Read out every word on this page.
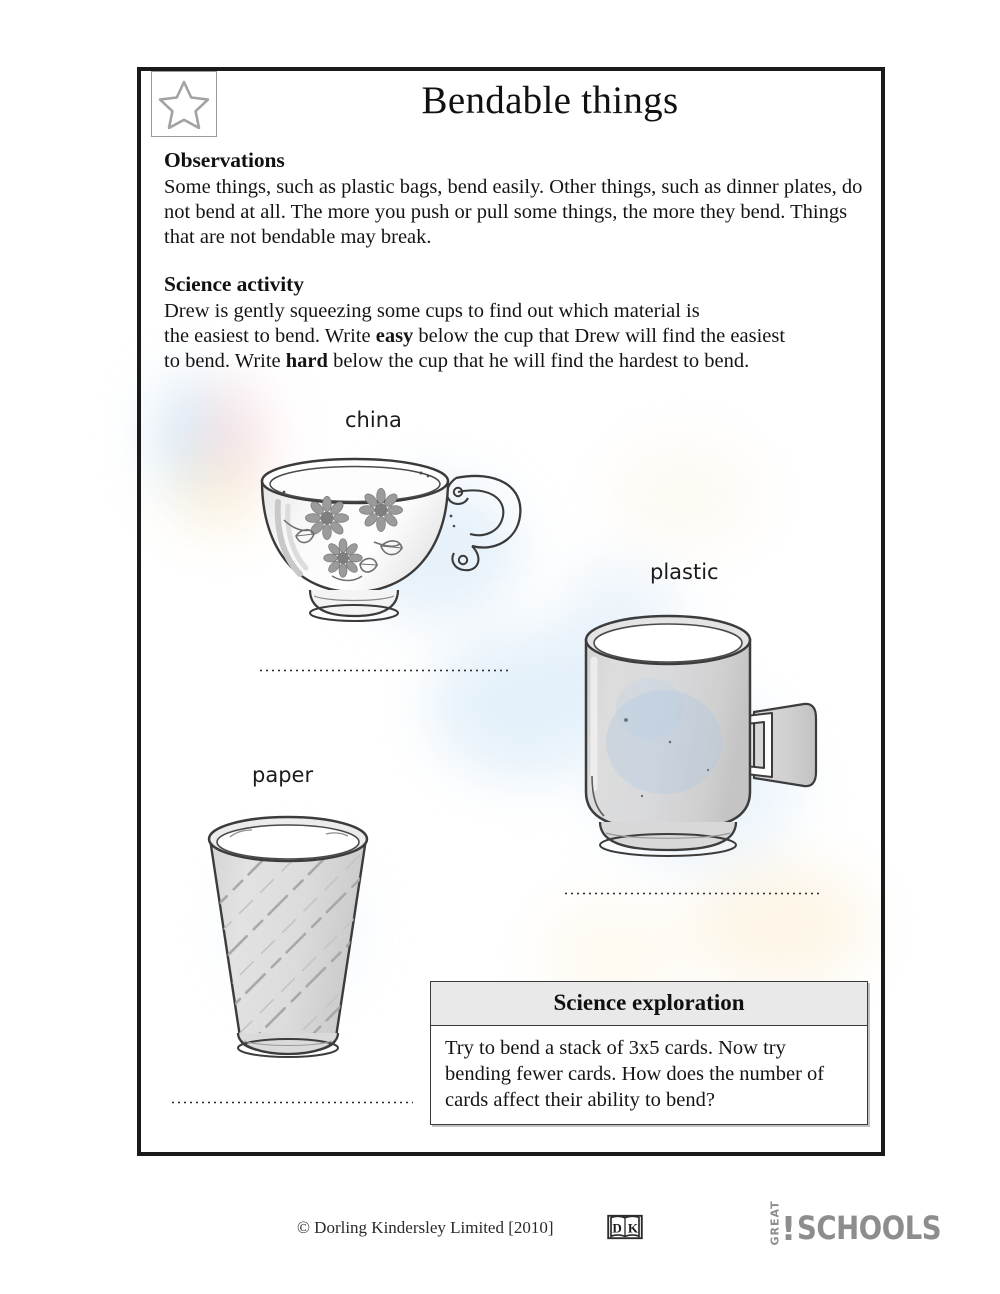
Bendable things
Observations

Some things, such as plastic bags, bend easily. Other things, such as dinner plates, do not bend at all. The more you push or pull some things, the more they bend. Things that are not bendable may break.

Science activity

Drew is gently squeezing some cups to find out which material is
the easiest to bend. Write easy below the cup that Drew will find the easiest
to bend. Write hard below the cup that he will find the hardest to bend.

china
plastic
paper
Science exploration
Try to bend a stack of 3x5 cards. Now try bending fewer cards. How does the number of cards affect their ability to bend?
© Dorling Kindersley Limited [2010]	D K	GREAT ! SCHOOLS
